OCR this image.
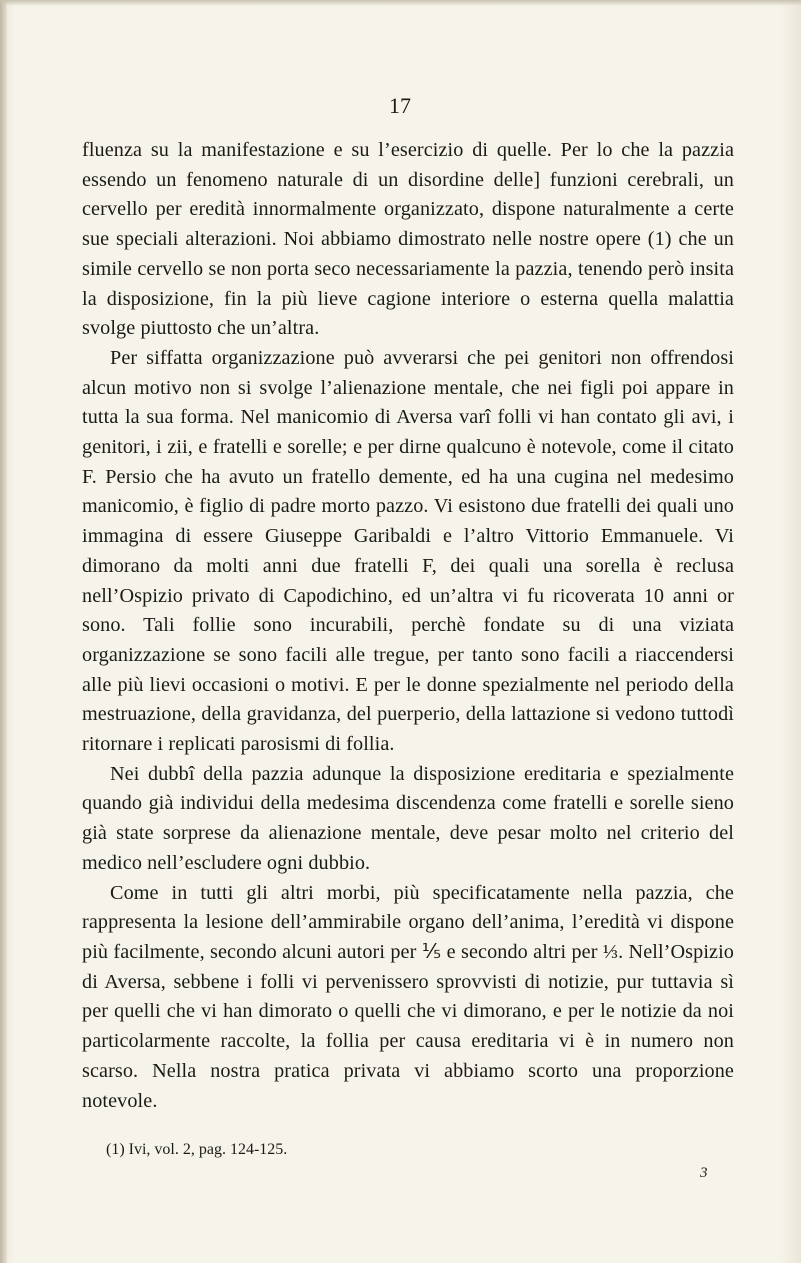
17

fluenza su la manifestazione e su l’esercizio di quelle. Per lo che la pazzia essendo un fenomeno naturale di un disordine delle] funzioni cerebrali, un cervello per eredità innormalmente organizzato, dispone naturalmente a certe sue speciali alterazioni. Noi abbiamo dimostrato nelle nostre opere (1) che un simile cervello se non porta seco necessariamente la pazzia, tenendo però insita la disposizione, fin la più lieve cagione interiore o esterna quella malattia svolge piuttosto che un’altra.

Per siffatta organizzazione può avverarsi che pei genitori non offrendosi alcun motivo non si svolge l’alienazione mentale, che nei figli poi appare in tutta la sua forma. Nel manicomio di Aversa varî folli vi han contato gli avi, i genitori, i zii, e fratelli e sorelle; e per dirne qualcuno è notevole, come il citato F. Persio che ha avuto un fratello demente, ed ha una cugina nel medesimo manicomio, è figlio di padre morto pazzo. Vi esistono due fratelli dei quali uno immagina di essere Giuseppe Garibaldi e l’altro Vittorio Emmanuele. Vi dimorano da molti anni due fratelli F, dei quali una sorella è reclusa nell’Ospizio privato di Capodichino, ed un’altra vi fu ricoverata 10 anni or sono. Tali follie sono incurabili, perchè fondate su di una viziata organizzazione se sono facili alle tregue, per tanto sono facili a riaccendersi alle più lievi occasioni o motivi. E per le donne spezialmente nel periodo della mestruazione, della gravidanza, del puerperio, della lattazione si vedono tuttodì ritornare i replicati parosismi di follia.

Nei dubbî della pazzia adunque la disposizione ereditaria e spezialmente quando già individui della medesima discendenza come fratelli e sorelle sieno già state sorprese da alienazione mentale, deve pesar molto nel criterio del medico nell’escludere ogni dubbio.

Come in tutti gli altri morbi, più specificatamente nella pazzia, che rappresenta la lesione dell’ammirabile organo dell’anima, l’eredità vi dispone più facilmente, secondo alcuni autori per ⅕ e secondo altri per ⅓. Nell’Ospizio di Aversa, sebbene i folli vi pervenissero sprovvisti di notizie, pur tuttavia sì per quelli che vi han dimorato o quelli che vi dimorano, e per le notizie da noi particolarmente raccolte, la follia per causa ereditaria vi è in numero non scarso. Nella nostra pratica privata vi abbiamo scorto una proporzione notevole.

(1) Ivi, vol. 2, pag. 124-125.
3
